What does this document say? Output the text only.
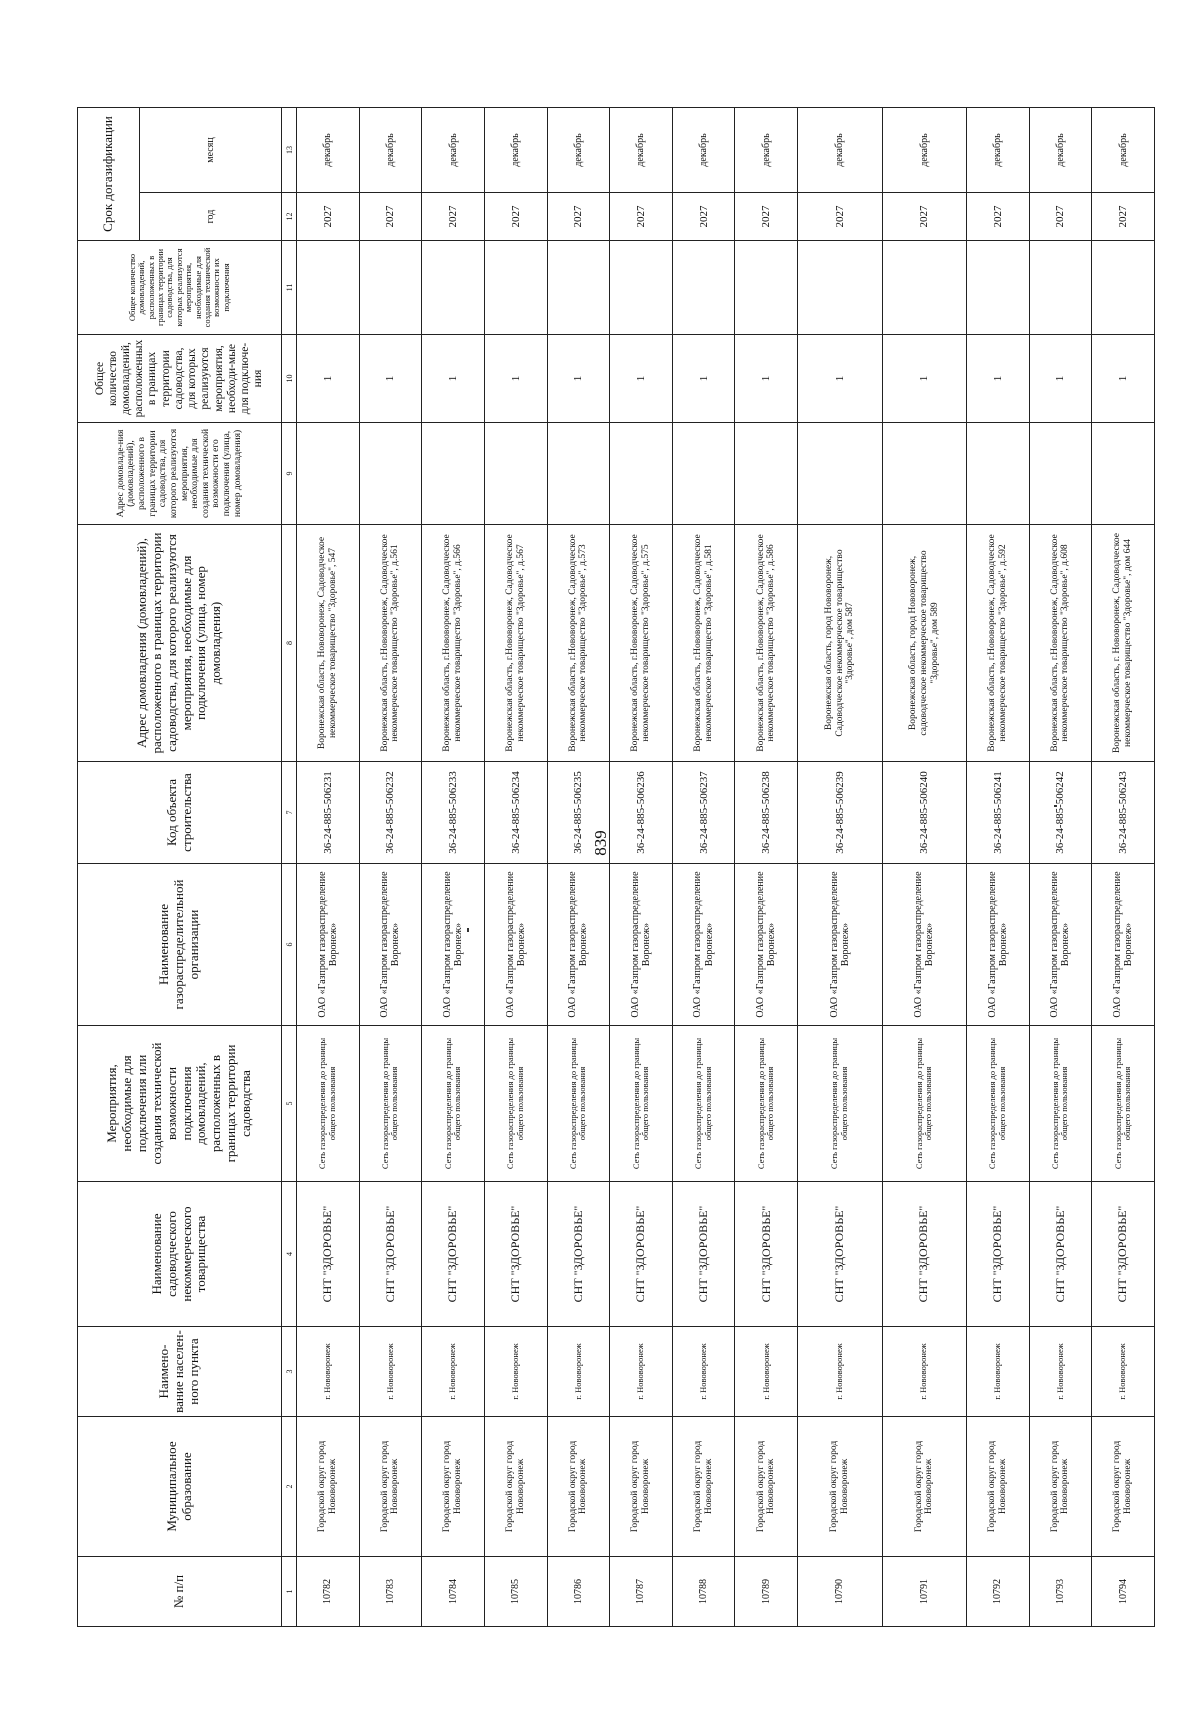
839
№ п/п	Муниципальное образование	Наимено-вание населен-ного пункта	Наименование садоводческого некоммерческого товарищества	Мероприятия, необходимые для подключения или создания технической возможности подключения домовладений, расположенных в границах территории садоводства	Наименование газораспределительной организации	Код объекта строительства	Адрес домовладения (домовладений), расположенного в границах территории садоводства, для которого реализуются мероприятия, необходимые для подключения (улица, номер домовладения)	Адрес домовладе-ния (домовладений), расположенного в границах территории садоводства, для которого реализуются мероприятия, необходимые для создания технической возможности его подключения (улица, номер домовладения)	Общее количество домовладений, расположенных в границах территории садоводства, для которых реализуются мероприятия, необходи-мые для подключе-ния	Общее количество домовладений, расположенных в границах территории садоводства, для которых реализуются мероприятия, необходимые для создания технической возможности их подключения	Срок догазификации	
											год	месяц
1	2	3	4	5	6	7	8	9	10	11	12	13
10782	Городской округ город Нововоронеж	г. Нововоронеж	СНТ "ЗДОРОВЬЕ"	Сеть газораспределения до границы общего пользования	ОАО «Газпром газораспределение Воронеж»	36-24-885-506231	Воронежская область, Нововоронеж, Садоводческое некоммерческое товарищество "Здоровье", 547		1		2027	декабрь
10783	Городской округ город Нововоронеж	г. Нововоронеж	СНТ "ЗДОРОВЬЕ"	Сеть газораспределения до границы общего пользования	ОАО «Газпром газораспределение Воронеж»	36-24-885-506232	Воронежская область, г.Нововоронеж, Садоводческое некоммерческое товарищество "Здоровье", д.561		1		2027	декабрь
10784	Городской округ город Нововоронеж	г. Нововоронеж	СНТ "ЗДОРОВЬЕ"	Сеть газораспределения до границы общего пользования	ОАО «Газпром газораспределение Воронеж»	36-24-885-506233	Воронежская область, г.Нововоронеж, Садоводческое некоммерческое товарищество "Здоровье", д.566		1		2027	декабрь
10785	Городской округ город Нововоронеж	г. Нововоронеж	СНТ "ЗДОРОВЬЕ"	Сеть газораспределения до границы общего пользования	ОАО «Газпром газораспределение Воронеж»	36-24-885-506234	Воронежская область, г.Нововоронеж, Садоводческое некоммерческое товарищество "Здоровье", д.567		1		2027	декабрь
10786	Городской округ город Нововоронеж	г. Нововоронеж	СНТ "ЗДОРОВЬЕ"	Сеть газораспределения до границы общего пользования	ОАО «Газпром газораспределение Воронеж»	36-24-885-506235	Воронежская область, г.Нововоронеж, Садоводческое некоммерческое товарищество "Здоровье", д.573		1		2027	декабрь
10787	Городской округ город Нововоронеж	г. Нововоронеж	СНТ "ЗДОРОВЬЕ"	Сеть газораспределения до границы общего пользования	ОАО «Газпром газораспределение Воронеж»	36-24-885-506236	Воронежская область, г.Нововоронеж, Садоводческое некоммерческое товарищество "Здоровье", д.575		1		2027	декабрь
10788	Городской округ город Нововоронеж	г. Нововоронеж	СНТ "ЗДОРОВЬЕ"	Сеть газораспределения до границы общего пользования	ОАО «Газпром газораспределение Воронеж»	36-24-885-506237	Воронежская область, г.Нововоронеж, Садоводческое некоммерческое товарищество "Здоровье", д.581		1		2027	декабрь
10789	Городской округ город Нововоронеж	г. Нововоронеж	СНТ "ЗДОРОВЬЕ"	Сеть газораспределения до границы общего пользования	ОАО «Газпром газораспределение Воронеж»	36-24-885-506238	Воронежская область, г.Нововоронеж, Садоводческое некоммерческое товарищество "Здоровье", д.586		1		2027	декабрь
10790	Городской округ город Нововоронеж	г. Нововоронеж	СНТ "ЗДОРОВЬЕ"	Сеть газораспределения до границы общего пользования	ОАО «Газпром газораспределение Воронеж»	36-24-885-506239	Воронежская область, город Нововоронеж, Садоводческое некоммерческое товарищество "Здоровье", дом 587		1		2027	декабрь
10791	Городской округ город Нововоронеж	г. Нововоронеж	СНТ "ЗДОРОВЬЕ"	Сеть газораспределения до границы общего пользования	ОАО «Газпром газораспределение Воронеж»	36-24-885-506240	Воронежская область, город Нововоронеж, садоводческое некоммерческое товарищество "Здоровье", дом 589		1		2027	декабрь
10792	Городской округ город Нововоронеж	г. Нововоронеж	СНТ "ЗДОРОВЬЕ"	Сеть газораспределения до границы общего пользования	ОАО «Газпром газораспределение Воронеж»	36-24-885-506241	Воронежская область, г.Нововоронеж, Садоводческое некоммерческое товарищество "Здоровье", д.592		1		2027	декабрь
10793	Городской округ город Нововоронеж	г. Нововоронеж	СНТ "ЗДОРОВЬЕ"	Сеть газораспределения до границы общего пользования	ОАО «Газпром газораспределение Воронеж»	36-24-885-506242	Воронежская область, г.Нововоронеж, Садоводческое некоммерческое товарищество "Здоровье", д.608		1		2027	декабрь
10794	Городской округ город Нововоронеж	г. Нововоронеж	СНТ "ЗДОРОВЬЕ"	Сеть газораспределения до границы общего пользования	ОАО «Газпром газораспределение Воронеж»	36-24-885-506243	Воронежская область, г. Нововоронеж, Садоводческое некоммерческое товарищество "Здоровье", дом 644		1		2027	декабрь
